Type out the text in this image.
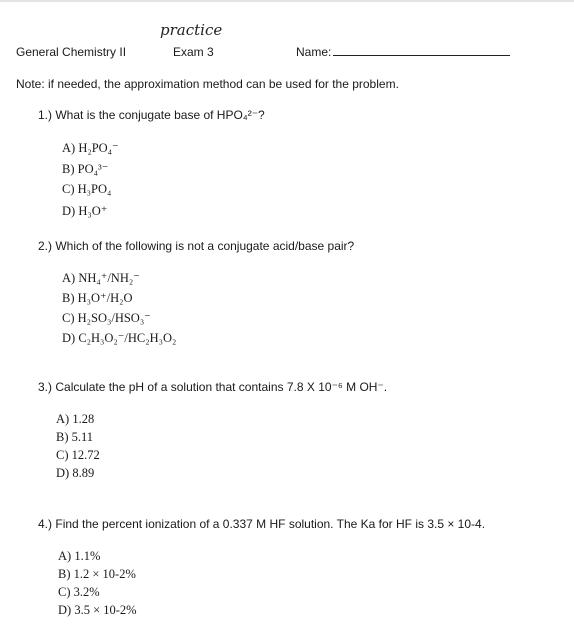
practice
General Chemistry II	Exam 3	Name:
Note: if needed, the approximation method can be used for the problem.
1.) What is the conjugate base of HPO₄²⁻?
A) H₂PO₄⁻
B) PO₄³⁻
C) H₃PO₄
D) H₃O⁺
2.) Which of the following is not a conjugate acid/base pair?
A) NH₄⁺/NH₂⁻
B) H₃O⁺/H₂O
C) H₂SO₃/HSO₃⁻
D) C₂H₃O₂⁻/HC₂H₃O₂
3.) Calculate the pH of a solution that contains 7.8 X 10⁻⁶ M OH⁻.
A) 1.28
B) 5.11
C) 12.72
D) 8.89
4.) Find the percent ionization of a 0.337 M HF solution. The Ka for HF is 3.5 × 10-4.
A) 1.1%
B) 1.2 × 10-2%
C) 3.2%
D) 3.5 × 10-2%
